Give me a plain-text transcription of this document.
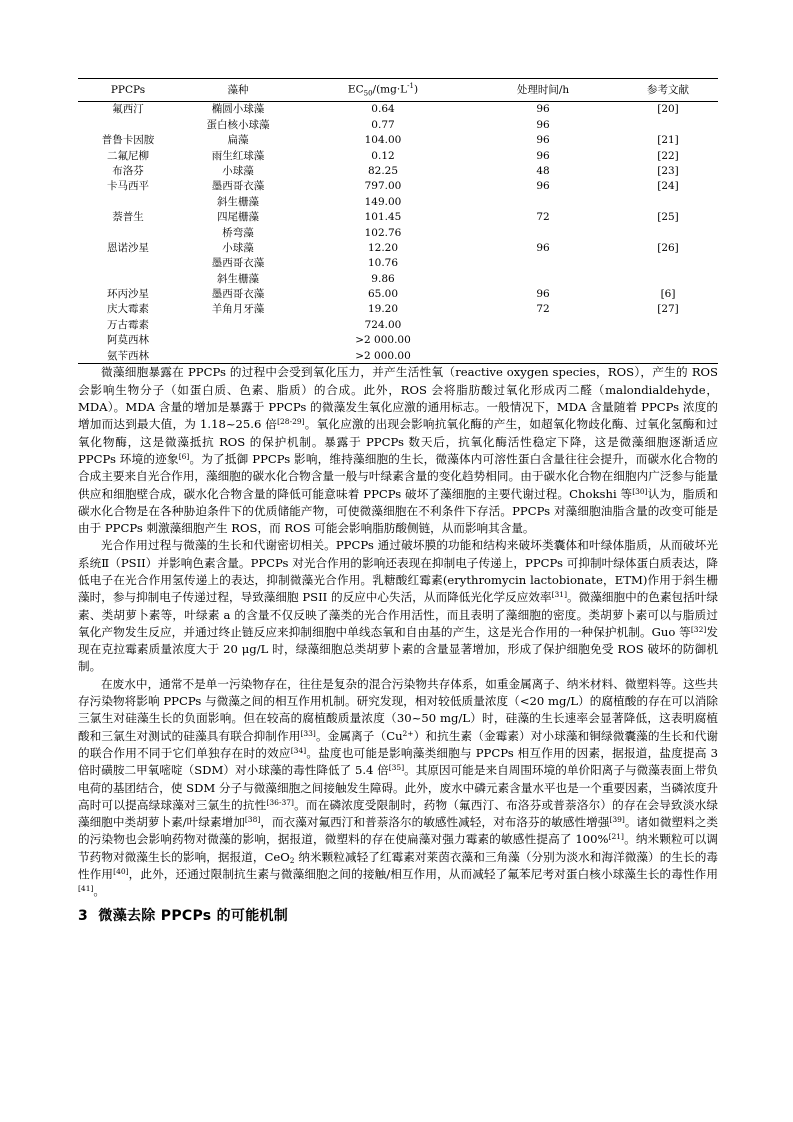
PPCPs	藻种	$EC_{50}/(mg\cdot L^{-1})$	处理时间/h	参考文献
氟西汀	椭圆小球藻	0.64	96	[20]
	蛋白核小球藻	0.77	96	
普鲁卡因胺	扁藻	104.00	96	[21]
二氟尼柳	雨生红球藻	0.12	96	[22]
布洛芬	小球藻	82.25	48	[23]
卡马西平	墨西哥衣藻	797.00	96	[24]
	斜生栅藻	149.00		
萘普生	四尾栅藻	101.45	72	[25]
	桥弯藻	102.76		
恩诺沙星	小球藻	12.20	96	[26]
	墨西哥衣藻	10.76		
	斜生栅藻	9.86		
环丙沙星	墨西哥衣藻	65.00	96	[6]
庆大霉素	羊角月牙藻	19.20	72	[27]
万古霉素		724.00		
阿莫西林		>2 000.00		
氨苄西林		>2 000.00		

微藻细胞暴露在 PPCPs 的过程中会受到氧化压力，并产生活性氧（reactive oxygen species，ROS），产生的 ROS 会影响生物分子（如蛋白质、色素、脂质）的合成。此外，ROS 会将脂肪酸过氧化形成丙二醛（malondialdehyde，MDA）。MDA 含量的增加是暴露于 PPCPs 的微藻发生氧化应激的通用标志。一般情况下，MDA 含量随着 PPCPs 浓度的增加而达到最大值，为 1.18~25.6 倍[28-29]。氧化应激的出现会影响抗氧化酶的产生，如超氧化物歧化酶、过氧化氢酶和过氧化物酶，这是微藻抵抗 ROS 的保护机制。暴露于 PPCPs 数天后，抗氧化酶活性稳定下降，这是微藻细胞逐渐适应 PPCPs 环境的迹象[6]。为了抵御 PPCPs 影响，维持藻细胞的生长，微藻体内可溶性蛋白含量往往会提升，而碳水化合物的合成主要来自光合作用，藻细胞的碳水化合物含量一般与叶绿素含量的变化趋势相同。由于碳水化合物在细胞内广泛参与能量供应和细胞壁合成，碳水化合物含量的降低可能意味着 PPCPs 破坏了藻细胞的主要代谢过程。Chokshi 等[30]认为，脂质和碳水化合物是在各种胁迫条件下的优质储能产物，可使微藻细胞在不利条件下存活。PPCPs 对藻细胞油脂含量的改变可能是由于 PPCPs 刺激藻细胞产生 ROS，而 ROS 可能会影响脂肪酸侧链，从而影响其含量。

光合作用过程与微藻的生长和代谢密切相关。PPCPs 通过破坏膜的功能和结构来破坏类囊体和叶绿体脂质，从而破坏光系统Ⅱ（PSII）并影响色素含量。PPCPs 对光合作用的影响还表现在抑制电子传递上，PPCPs 可抑制叶绿体蛋白质表达，降低电子在光合作用氢传递上的表达，抑制微藻光合作用。乳糖酸红霉素(erythromycin lactobionate，ETM)作用于斜生栅藻时，参与抑制电子传递过程，导致藻细胞 PSII 的反应中心失活，从而降低光化学反应效率[31]。微藻细胞中的色素包括叶绿素、类胡萝卜素等，叶绿素 a 的含量不仅反映了藻类的光合作用活性，而且表明了藻细胞的密度。类胡萝卜素可以与脂质过氧化产物发生反应，并通过终止链反应来抑制细胞中单线态氧和自由基的产生，这是光合作用的一种保护机制。Guo 等[32]发现在克拉霉素质量浓度大于 20 μg/L 时，绿藻细胞总类胡萝卜素的含量显著增加，形成了保护细胞免受 ROS 破坏的防御机制。

在废水中，通常不是单一污染物存在，往往是复杂的混合污染物共存体系，如重金属离子、纳米材料、微塑料等。这些共存污染物将影响 PPCPs 与微藻之间的相互作用机制。研究发现，相对较低质量浓度（<20 mg/L）的腐植酸的存在可以消除三氯生对硅藻生长的负面影响。但在较高的腐植酸质量浓度（30~50 mg/L）时，硅藻的生长速率会显著降低，这表明腐植酸和三氯生对测试的硅藻具有联合抑制作用[33]。金属离子$(Cu^{2+})$和抗生素（金霉素）对小球藻和铜绿微囊藻的生长和代谢的联合作用不同于它们单独存在时的效应[34]。盐度也可能是影响藻类细胞与 PPCPs 相互作用的因素，据报道，盐度提高 3 倍时磺胺二甲氧嘧啶（SDM）对小球藻的毒性降低了 5.4 倍[35]。其原因可能是来自周围环境的单价阳离子与微藻表面上带负电荷的基团结合，使 SDM 分子与微藻细胞之间接触发生障碍。此外，废水中磷元素含量水平也是一个重要因素，当磷浓度升高时可以提高绿球藻对三氯生的抗性[36-37]。而在磷浓度受限制时，药物（氟西汀、布洛芬或普萘洛尔）的存在会导致淡水绿藻细胞中类胡萝卜素/叶绿素增加[38]，而衣藻对氟西汀和普萘洛尔的敏感性减轻，对布洛芬的敏感性增强[39]。诸如微塑料之类的污染物也会影响药物对微藻的影响，据报道，微塑料的存在使扁藻对强力霉素的敏感性提高了 100%[21]。纳米颗粒可以调节药物对微藻生长的影响，据报道，CeO$_2$ 纳米颗粒减轻了红霉素对莱茵衣藻和三角藻（分别为淡水和海洋微藻）的生长的毒性作用[40]，此外，还通过限制抗生素与微藻细胞之间的接触/相互作用，从而减轻了氟苯尼考对蛋白核小球藻生长的毒性作用[41]。

3 微藻去除 PPCPs 的可能机制
